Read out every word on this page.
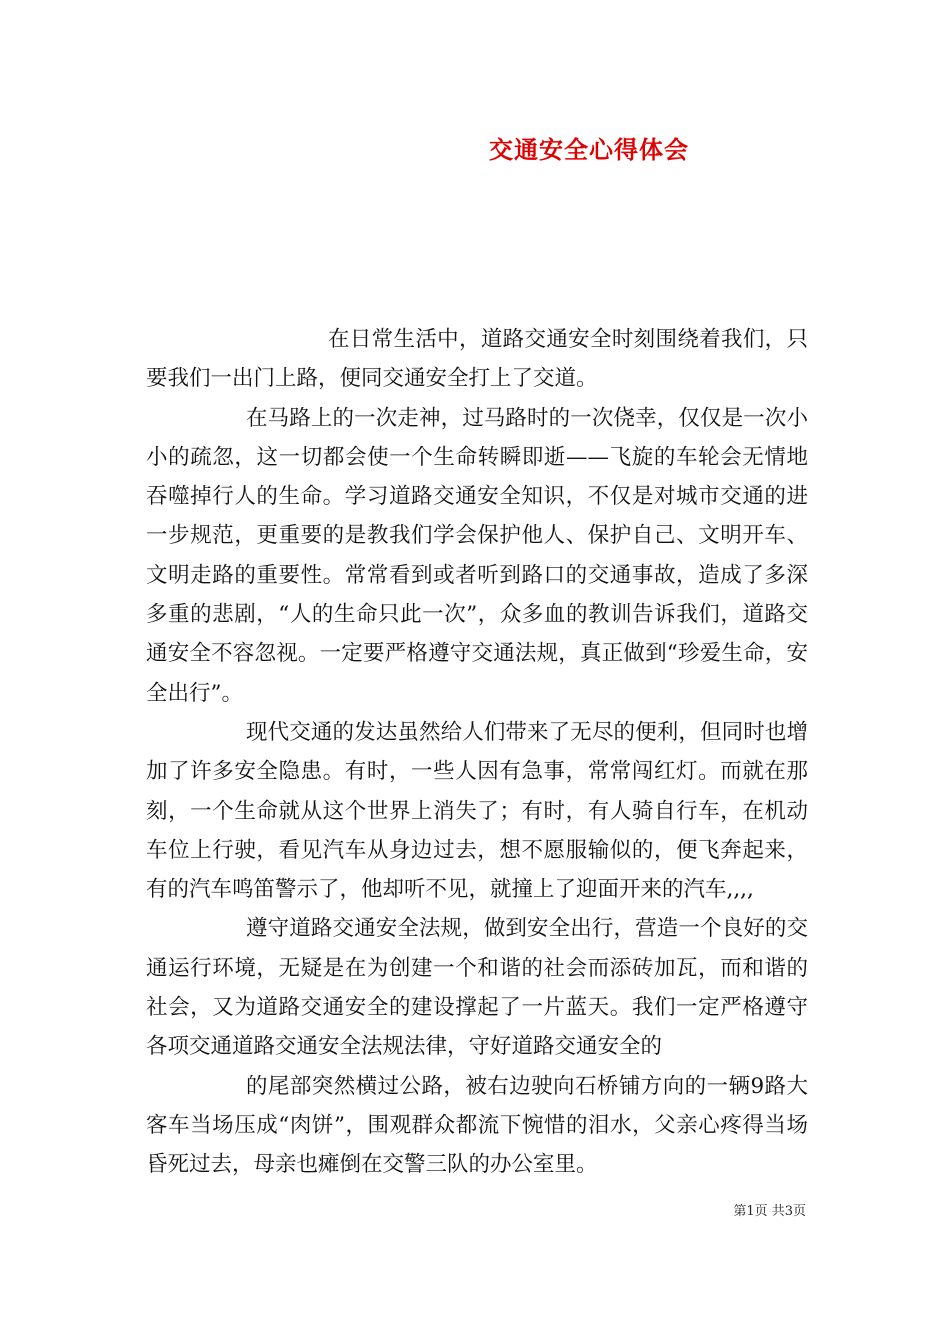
交通安全心得体会

在日常生活中，道路交通安全时刻围绕着我们，只要我们一出门上路，便同交通安全打上了交道。

在马路上的一次走神，过马路时的一次侥幸，仅仅是一次小小的疏忽，这一切都会使一个生命转瞬即逝——飞旋的车轮会无情地吞噬掉行人的生命。学习道路交通安全知识，不仅是对城市交通的进一步规范，更重要的是教我们学会保护他人、保护自己、文明开车、文明走路的重要性。常常看到或者听到路口的交通事故，造成了多深多重的悲剧，“人的生命只此一次”，众多血的教训告诉我们，道路交通安全不容忽视。一定要严格遵守交通法规，真正做到“珍爱生命，安全出行”。

现代交通的发达虽然给人们带来了无尽的便利，但同时也增加了许多安全隐患。有时，一些人因有急事，常常闯红灯。而就在那刻，一个生命就从这个世界上消失了；有时，有人骑自行车，在机动车位上行驶，看见汽车从身边过去，想不愿服输似的，便飞奔起来，有的汽车鸣笛警示了，他却听不见，就撞上了迎面开来的汽车,,,,

遵守道路交通安全法规，做到安全出行，营造一个良好的交通运行环境，无疑是在为创建一个和谐的社会而添砖加瓦，而和谐的社会，又为道路交通安全的建设撑起了一片蓝天。我们一定严格遵守各项交通道路交通安全法规法律，守好道路交通安全的

的尾部突然横过公路，被右边驶向石桥铺方向的一辆9路大客车当场压成“肉饼”，围观群众都流下惋惜的泪水，父亲心疼得当场昏死过去，母亲也瘫倒在交警三队的办公室里。

第1页 共3页
